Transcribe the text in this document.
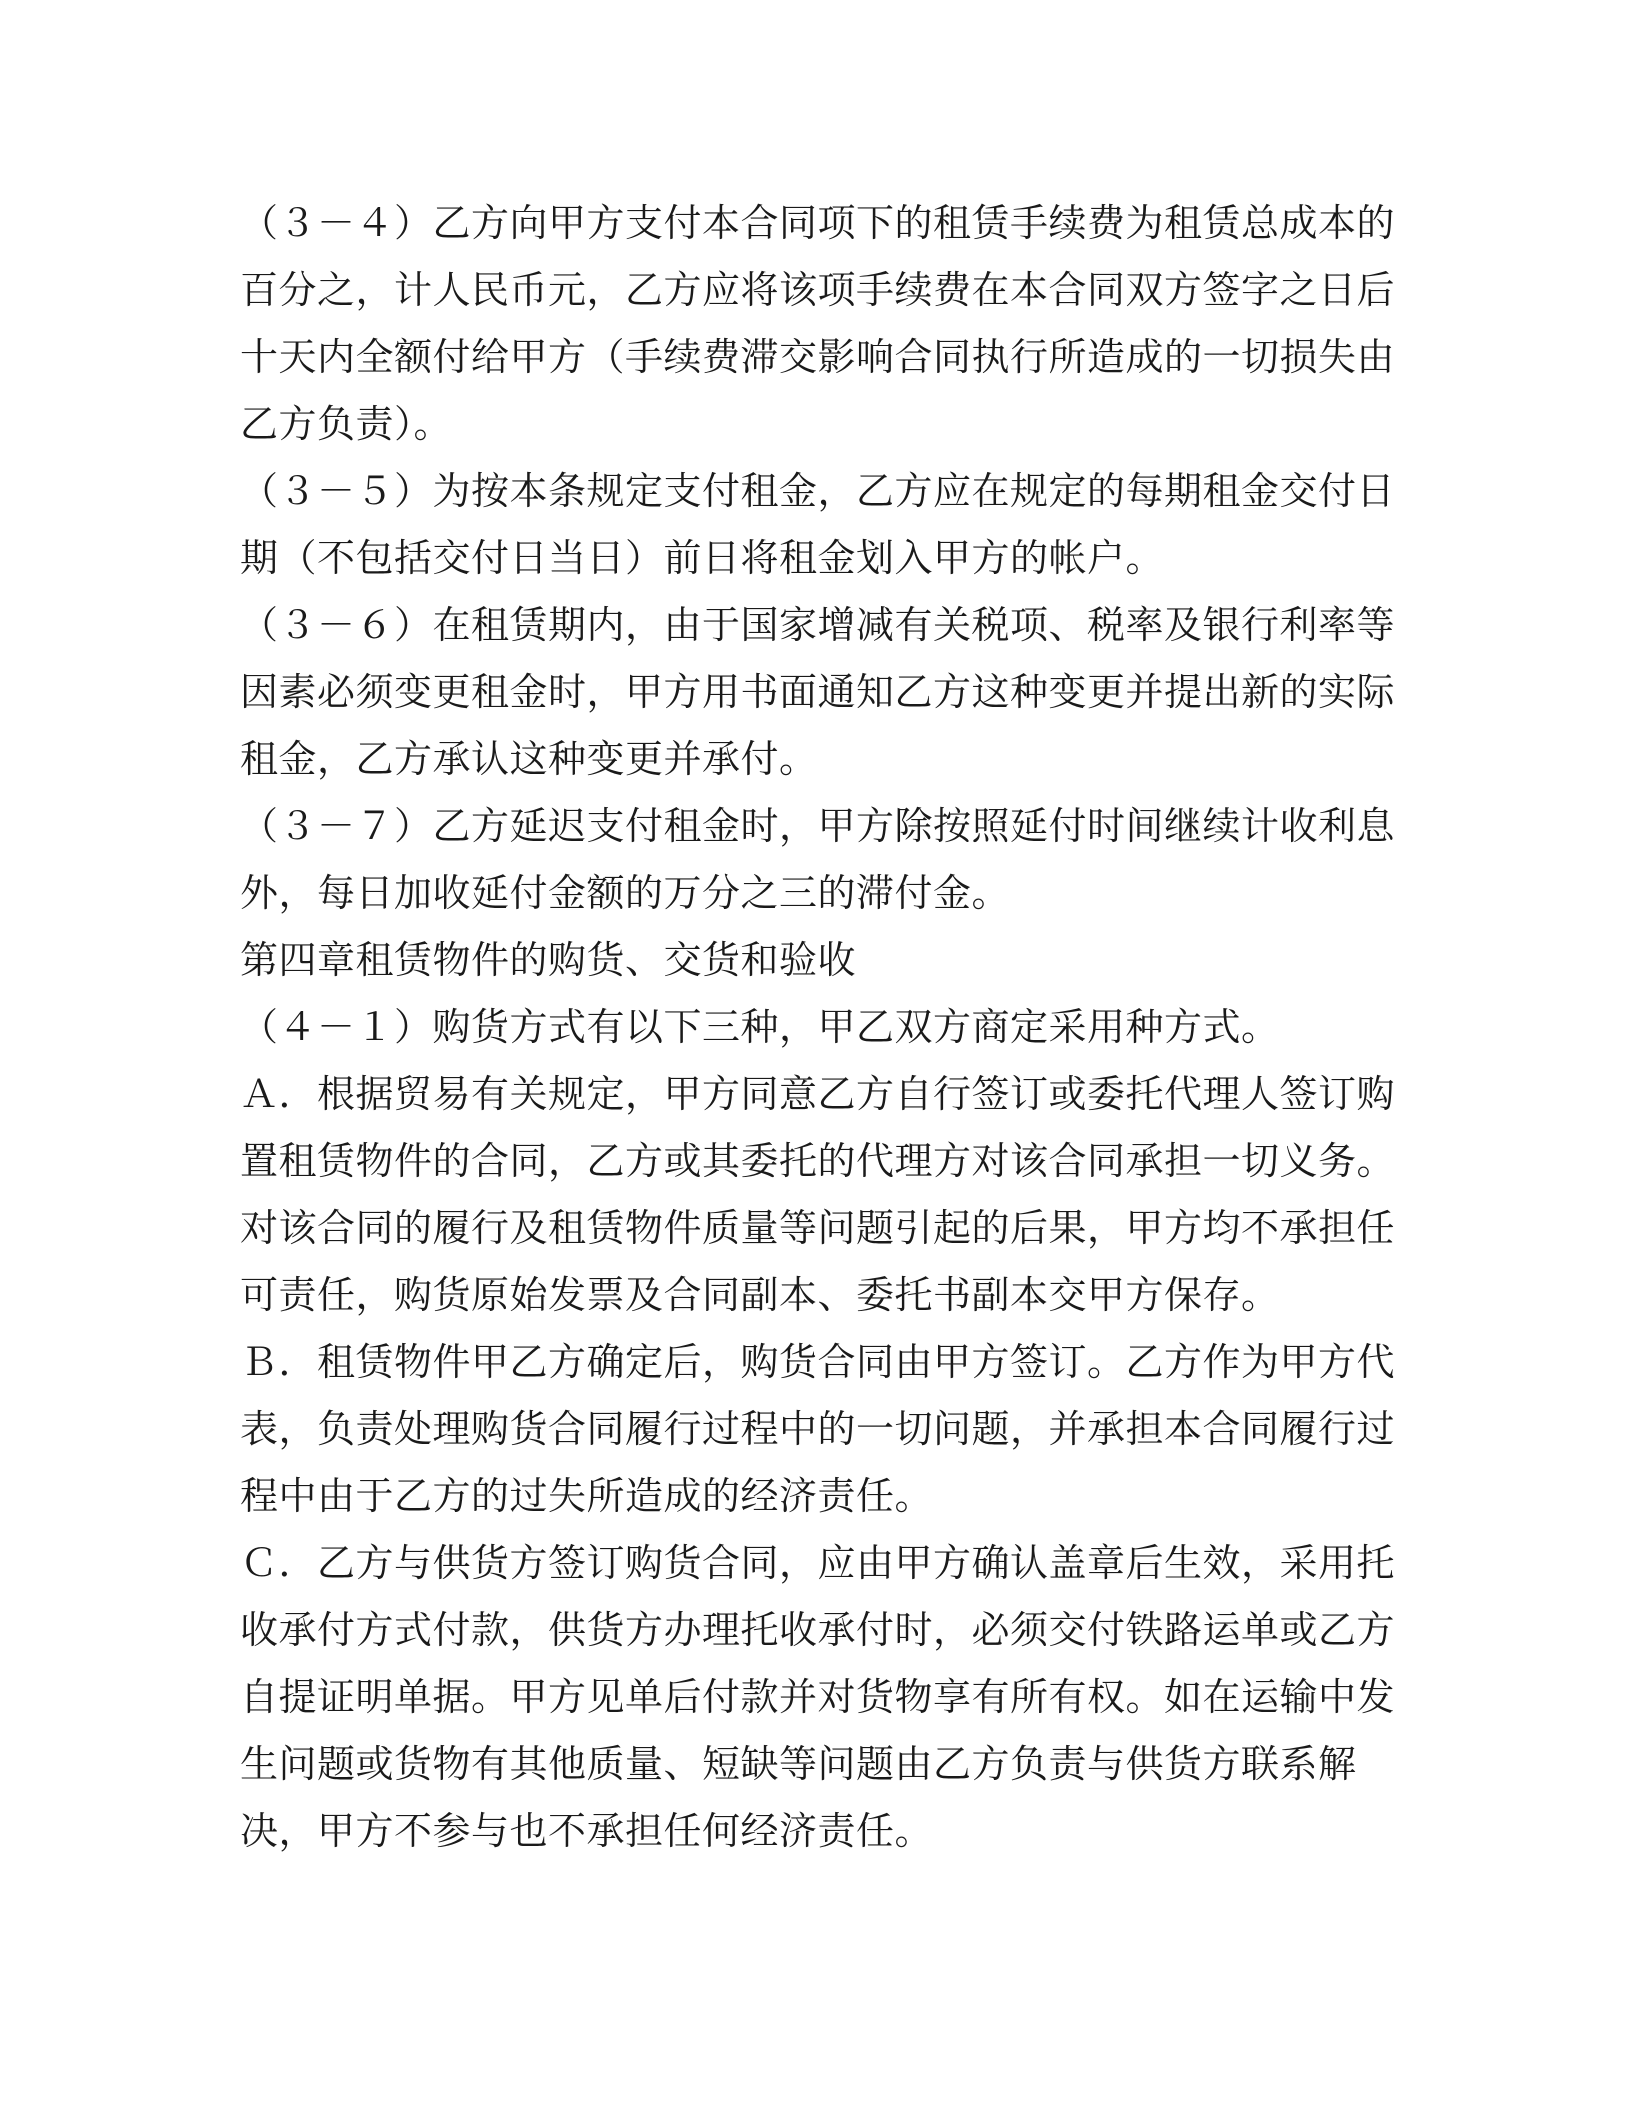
（３－４）乙方向甲方支付本合同项下的租赁手续费为租赁总成本的百分之，计人民币元，乙方应将该项手续费在本合同双方签字之日后十天内全额付给甲方（手续费滞交影响合同执行所造成的一切损失由乙方负责）。

（３－５）为按本条规定支付租金，乙方应在规定的每期租金交付日期（不包括交付日当日）前日将租金划入甲方的帐户。

（３－６）在租赁期内，由于国家增减有关税项、税率及银行利率等因素必须变更租金时，甲方用书面通知乙方这种变更并提出新的实际租金，乙方承认这种变更并承付。

（３－７）乙方延迟支付租金时，甲方除按照延付时间继续计收利息外，每日加收延付金额的万分之三的滞付金。

第四章租赁物件的购货、交货和验收

（４－１）购货方式有以下三种，甲乙双方商定采用种方式。

Ａ．根据贸易有关规定，甲方同意乙方自行签订或委托代理人签订购置租赁物件的合同，乙方或其委托的代理方对该合同承担一切义务。对该合同的履行及租赁物件质量等问题引起的后果，甲方均不承担任可责任，购货原始发票及合同副本、委托书副本交甲方保存。

Ｂ．租赁物件甲乙方确定后，购货合同由甲方签订。乙方作为甲方代表，负责处理购货合同履行过程中的一切问题，并承担本合同履行过程中由于乙方的过失所造成的经济责任。

Ｃ．乙方与供货方签订购货合同，应由甲方确认盖章后生效，采用托收承付方式付款，供货方办理托收承付时，必须交付铁路运单或乙方自提证明单据。甲方见单后付款并对货物享有所有权。如在运输中发生问题或货物有其他质量、短缺等问题由乙方负责与供货方联系解决，甲方不参与也不承担任何经济责任。
